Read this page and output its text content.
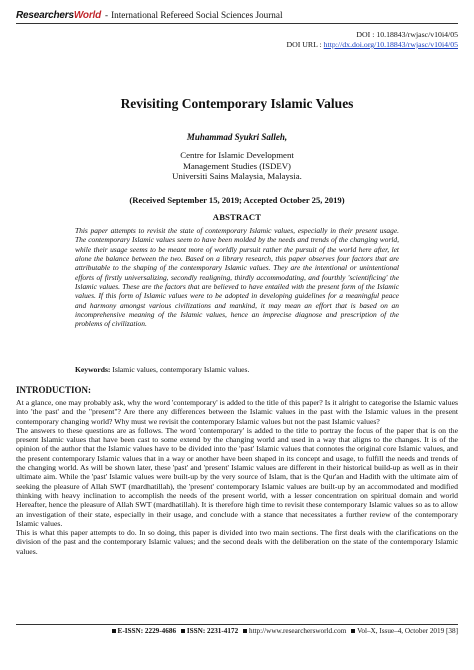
ResearchersWorld - International Refereed Social Sciences Journal
DOI : 10.18843/rwjasc/v10i4/05
DOI URL : http://dx.doi.org/10.18843/rwjasc/v10i4/05
Revisiting Contemporary Islamic Values
Muhammad Syukri Salleh,
Centre for Islamic Development
Management Studies (ISDEV)
Universiti Sains Malaysia, Malaysia.
(Received September 15, 2019; Accepted October 25, 2019)
ABSTRACT
This paper attempts to revisit the state of contemporary Islamic values, especially in their present usage. The contemporary Islamic values seem to have been molded by the needs and trends of the changing world, while their usage seems to be meant more of worldly pursuit rather the pursuit of the world here after, let alone the balance between the two. Based on a library research, this paper observes four factors that are attributable to the shaping of the contemporary Islamic values. They are the intentional or unintentional efforts of firstly universalizing, secondly realigning, thirdly accommodating, and fourthly 'scientificing' the Islamic values. These are the factors that are believed to have entailed with the present form of the Islamic values. If this form of Islamic values were to be adopted in developing guidelines for a meaningful peace and harmony amongst various civilizations and mankind, it may mean an effort that is based on an incomprehensive meaning of the Islamic values, hence an imprecise diagnose and prescription of the problems of civilization.
Keywords: Islamic values, contemporary Islamic values.
INTRODUCTION:

At a glance, one may probably ask, why the word 'contemporary' is added to the title of this paper? Is it alright to categorise the Islamic values into 'the past' and the "present"? Are there any differences between the Islamic values in the past with the Islamic values in the present contemporary changing world? Why must we revisit the contemporary Islamic values but not the past Islamic values?

The answers to these questions are as follows. The word 'contemporary' is added to the title to portray the focus of the paper that is on the present Islamic values that have been cast to some extend by the changing world and used in a way that aligns to the changes. It is of the opinion of the author that the Islamic values have to be divided into the 'past' Islamic values that connotes the original core Islamic values, and the present contemporary Islamic values that in a way or another have been shaped in its concept and usage, to fulfill the needs and trends of the changing world. As will be shown later, these 'past' and 'present' Islamic values are different in their historical build-up as well as in their ultimate aim. While the 'past' Islamic values were built-up by the very source of Islam, that is the Qur'an and Hadith with the ultimate aim of seeking the pleasure of Allah SWT (mardhatillah), the 'present' contemporary Islamic values are built-up by an accommodated and modified thinking with heavy inclination to accomplish the needs of the present world, with a lesser concentration on spiritual domain and world Hereafter, hence the pleasure of Allah SWT (mardhatillah). It is therefore high time to revisit these contemporary Islamic values so as to allow an investigation of their state, especially in their usage, and conclude with a stance that necessitates a further review of the contemporary Islamic values.

This is what this paper attempts to do. In so doing, this paper is divided into two main sections. The first deals with the clarifications on the division of the past and the contemporary Islamic values; and the second deals with the deliberation on the state of the contemporary Islamic values.

E-ISSN: 2229-4686 ISSN: 2231-4172 http://www.researchersworld.com Vol–X, Issue–4, October 2019 [38]
